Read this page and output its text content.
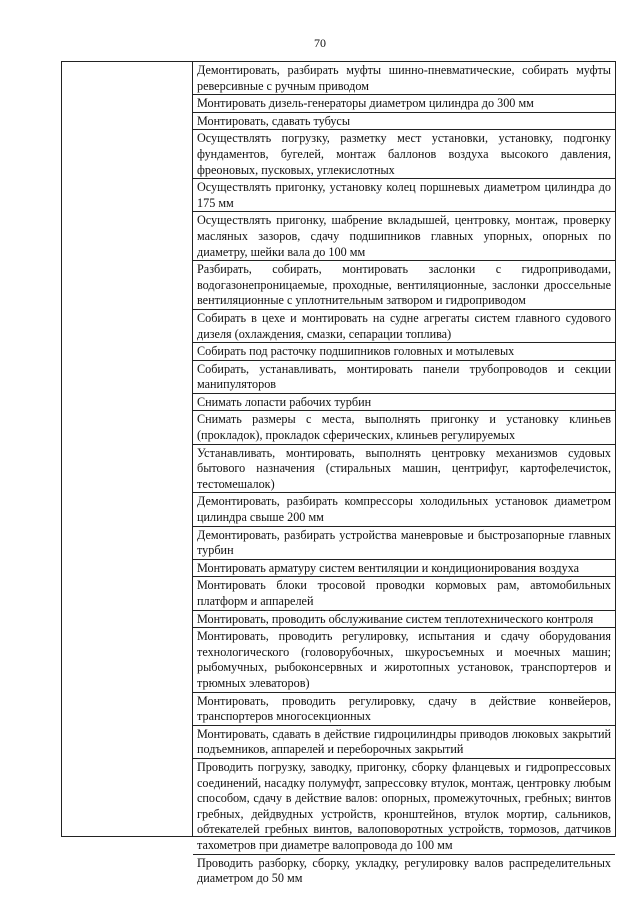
70
Демонтировать, разбирать муфты шинно-пневматические, собирать муфты реверсивные с ручным приводом
Монтировать дизель-генераторы диаметром цилиндра до 300 мм
Монтировать, сдавать тубусы
Осуществлять погрузку, разметку мест установки, установку, подгонку фундаментов, бугелей, монтаж баллонов воздуха высокого давления, фреоновых, пусковых, углекислотных
Осуществлять пригонку, установку колец поршневых диаметром цилиндра до 175 мм
Осуществлять пригонку, шабрение вкладышей, центровку, монтаж, проверку масляных зазоров, сдачу подшипников главных упорных, опорных по диаметру, шейки вала до 100 мм
Разбирать, собирать, монтировать заслонки с гидроприводами, водогазонепроницаемые, проходные, вентиляционные, заслонки дроссельные вентиляционные с уплотнительным затвором и гидроприводом
Собирать в цехе и монтировать на судне агрегаты систем главного судового дизеля (охлаждения, смазки, сепарации топлива)
Собирать под расточку подшипников головных и мотылевых
Собирать, устанавливать, монтировать панели трубопроводов и секции манипуляторов
Снимать лопасти рабочих турбин
Снимать размеры с места, выполнять пригонку и установку клиньев (прокладок), прокладок сферических, клиньев регулируемых
Устанавливать, монтировать, выполнять центровку механизмов судовых бытового назначения (стиральных машин, центрифуг, картофелечисток, тестомешалок)
Демонтировать, разбирать компрессоры холодильных установок диаметром цилиндра свыше 200 мм
Демонтировать, разбирать устройства маневровые и быстрозапорные главных турбин
Монтировать арматуру систем вентиляции и кондиционирования воздуха
Монтировать блоки тросовой проводки кормовых рам, автомобильных платформ и аппарелей
Монтировать, проводить обслуживание систем теплотехнического контроля
Монтировать, проводить регулировку, испытания и сдачу оборудования технологического (головорубочных, шкуросъемных и моечных машин; рыбомучных, рыбоконсервных и жиротопных установок, транспортеров и трюмных элеваторов)
Монтировать, проводить регулировку, сдачу в действие конвейеров, транспортеров многосекционных
Монтировать, сдавать в действие гидроцилиндры приводов люковых закрытий подъемников, аппарелей и переборочных закрытий
Проводить погрузку, заводку, пригонку, сборку фланцевых и гидропрессовых соединений, насадку полумуфт, запрессовку втулок, монтаж, центровку любым способом, сдачу в действие валов: опорных, промежуточных, гребных; винтов гребных, дейдвудных устройств, кронштейнов, втулок мортир, сальников, обтекателей гребных винтов, валоповоротных устройств, тормозов, датчиков тахометров при диаметре валопровода до 100 мм
Проводить разборку, сборку, укладку, регулировку валов распределительных диаметром до 50 мм
